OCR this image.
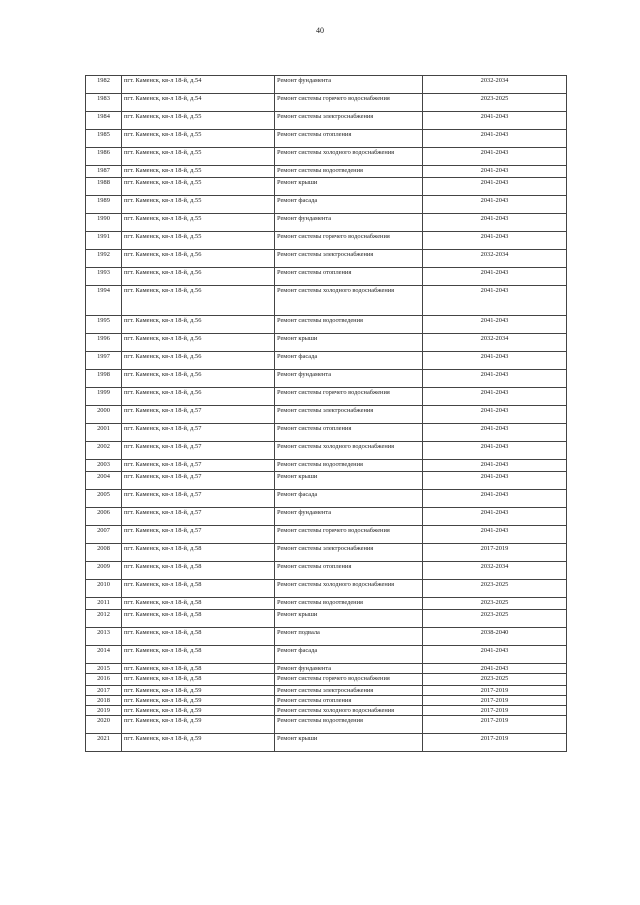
40
1982	пгт. Каменск, кв-л 18-й, д.54	Ремонт фундамента	2032-2034
1983	пгт. Каменск, кв-л 18-й, д.54	Ремонт системы горячего водоснабжения	2023-2025
1984	пгт. Каменск, кв-л 18-й, д.55	Ремонт системы электроснабжения	2041-2043
1985	пгт. Каменск, кв-л 18-й, д.55	Ремонт системы отопления	2041-2043
1986	пгт. Каменск, кв-л 18-й, д.55	Ремонт системы холодного водоснабжения	2041-2043
1987	пгт. Каменск, кв-л 18-й, д.55	Ремонт системы водоотведения	2041-2043
1988	пгт. Каменск, кв-л 18-й, д.55	Ремонт крыши	2041-2043
1989	пгт. Каменск, кв-л 18-й, д.55	Ремонт фасада	2041-2043
1990	пгт. Каменск, кв-л 18-й, д.55	Ремонт фундамента	2041-2043
1991	пгт. Каменск, кв-л 18-й, д.55	Ремонт системы горячего водоснабжения	2041-2043
1992	пгт. Каменск, кв-л 18-й, д.56	Ремонт системы электроснабжения	2032-2034
1993	пгт. Каменск, кв-л 18-й, д.56	Ремонт системы отопления	2041-2043
1994	пгт. Каменск, кв-л 18-й, д.56	Ремонт системы холодного водоснабжения	2041-2043
1995	пгт. Каменск, кв-л 18-й, д.56	Ремонт системы водоотведения	2041-2043
1996	пгт. Каменск, кв-л 18-й, д.56	Ремонт крыши	2032-2034
1997	пгт. Каменск, кв-л 18-й, д.56	Ремонт фасада	2041-2043
1998	пгт. Каменск, кв-л 18-й, д.56	Ремонт фундамента	2041-2043
1999	пгт. Каменск, кв-л 18-й, д.56	Ремонт системы горячего водоснабжения	2041-2043
2000	пгт. Каменск, кв-л 18-й, д.57	Ремонт системы электроснабжения	2041-2043
2001	пгт. Каменск, кв-л 18-й, д.57	Ремонт системы отопления	2041-2043
2002	пгт. Каменск, кв-л 18-й, д.57	Ремонт системы холодного водоснабжения	2041-2043
2003	пгт. Каменск, кв-л 18-й, д.57	Ремонт системы водоотведения	2041-2043
2004	пгт. Каменск, кв-л 18-й, д.57	Ремонт крыши	2041-2043
2005	пгт. Каменск, кв-л 18-й, д.57	Ремонт фасада	2041-2043
2006	пгт. Каменск, кв-л 18-й, д.57	Ремонт фундамента	2041-2043
2007	пгт. Каменск, кв-л 18-й, д.57	Ремонт системы горячего водоснабжения	2041-2043
2008	пгт. Каменск, кв-л 18-й, д.58	Ремонт системы электроснабжения	2017-2019
2009	пгт. Каменск, кв-л 18-й, д.58	Ремонт системы отопления	2032-2034
2010	пгт. Каменск, кв-л 18-й, д.58	Ремонт системы холодного водоснабжения	2023-2025
2011	пгт. Каменск, кв-л 18-й, д.58	Ремонт системы водоотведения	2023-2025
2012	пгт. Каменск, кв-л 18-й, д.58	Ремонт крыши	2023-2025
2013	пгт. Каменск, кв-л 18-й, д.58	Ремонт подвала	2038-2040
2014	пгт. Каменск, кв-л 18-й, д.58	Ремонт фасада	2041-2043
2015	пгт. Каменск, кв-л 18-й, д.58	Ремонт фундамента	2041-2043
2016	пгт. Каменск, кв-л 18-й, д.58	Ремонт системы горячего водоснабжения	2023-2025
2017	пгт. Каменск, кв-л 18-й, д.59	Ремонт системы электроснабжения	2017-2019
2018	пгт. Каменск, кв-л 18-й, д.59	Ремонт системы отопления	2017-2019
2019	пгт. Каменск, кв-л 18-й, д.59	Ремонт системы холодного водоснабжения	2017-2019
2020	пгт. Каменск, кв-л 18-й, д.59	Ремонт системы водоотведения	2017-2019
2021	пгт. Каменск, кв-л 18-й, д.59	Ремонт крыши	2017-2019
